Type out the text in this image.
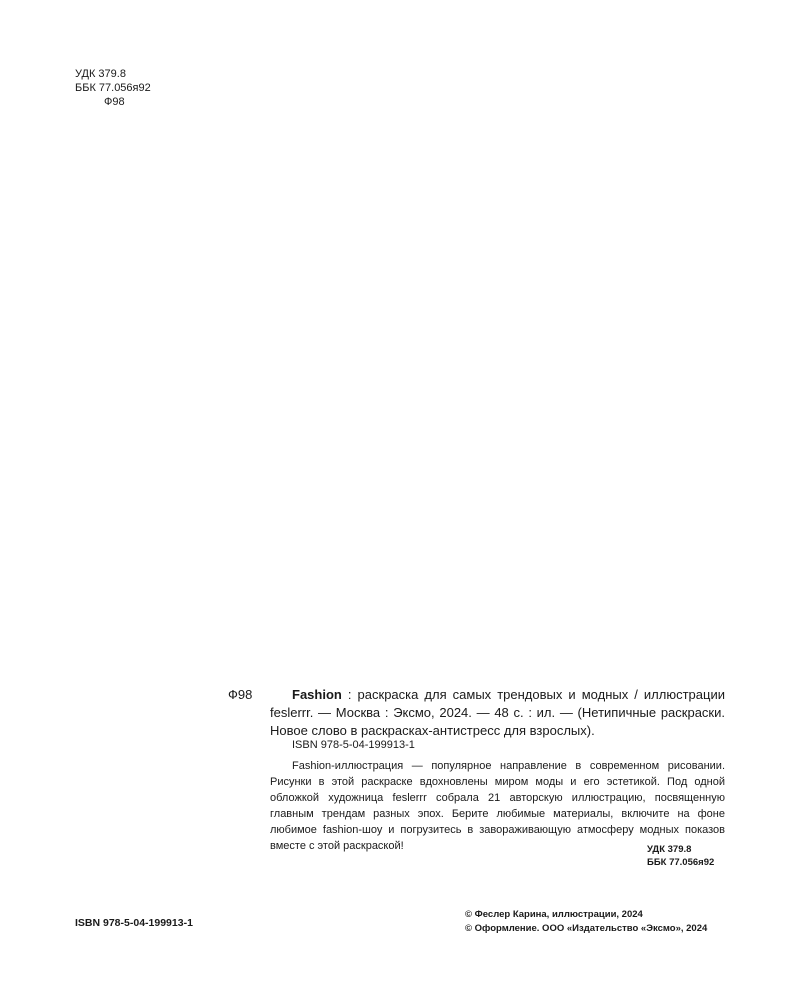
УДК 379.8
ББК 77.056я92
Ф98
Ф98	Fashion : раскраска для самых трендовых и модных / иллюстрации feslerrr. — Москва : Эксмо, 2024. — 48 с. : ил. — (Нетипичные раскраски. Новое слово в раскрасках-антистресс для взрослых).
ISBN 978-5-04-199913-1
Fashion-иллюстрация — популярное направление в современном рисовании. Рисунки в этой раскраске вдохновлены миром моды и его эстетикой. Под одной обложкой художница feslerrr собрала 21 авторскую иллюстрацию, посвященную главным трендам разных эпох. Берите любимые материалы, включите на фоне любимое fashion-шоу и погрузитесь в завораживающую атмосферу модных показов вместе с этой раскраской!	УДК 379.8
ББК 77.056я92
ISBN 978-5-04-199913-1
© Феслер Карина, иллюстрации, 2024
© Оформление. ООО «Издательство «Эксмо», 2024
